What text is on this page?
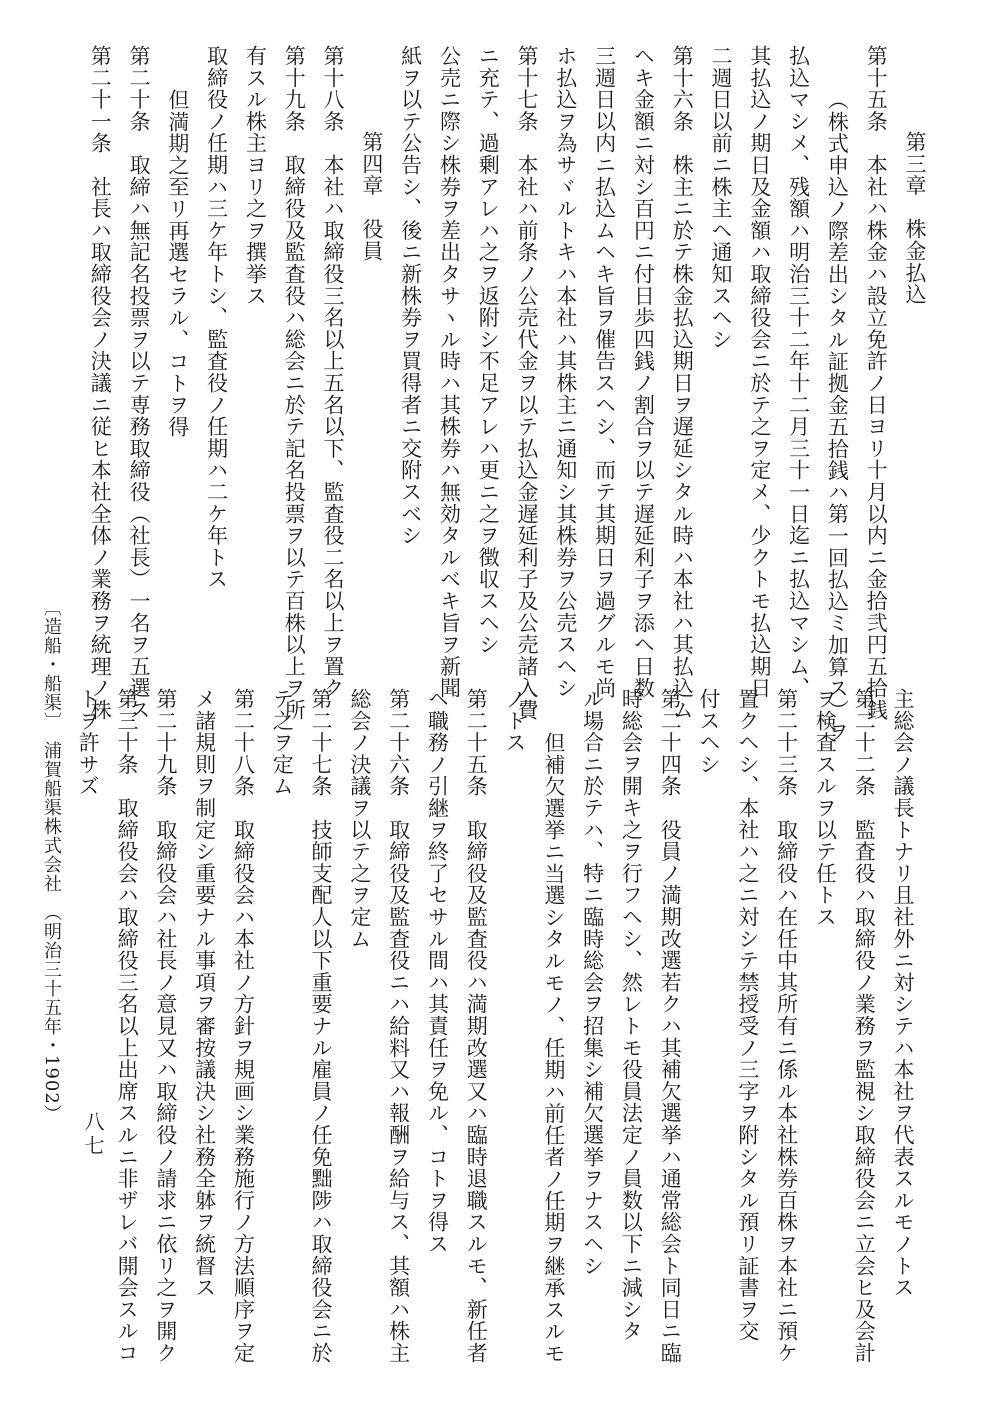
第三章　株金払込
第十五条　本社ハ株金ハ設立免許ノ日ヨリ十月以内ニ金拾弐円五拾銭
（株式申込ノ際差出シタル証拠金五拾銭ハ第一回払込ミ加算ス）ヲ
払込マシメ、残額ハ明治三十二年十二月三十一日迄ニ払込マシム、
其払込ノ期日及金額ハ取締役会ニ於テ之ヲ定メ、少クトモ払込期日
二週日以前ニ株主ヘ通知スヘシ
第十六条　株主ニ於テ株金払込期日ヲ遅延シタル時ハ本社ハ其払込ム
ヘキ金額ニ対シ百円ニ付日歩四銭ノ割合ヲ以テ遅延利子ヲ添ヘ日数
三週日以内ニ払込ムヘキ旨ヲ催告スヘシ、而テ其期日ヲ過グルモ尚
ホ払込ヲ為サヾルトキハ本社ハ其株主ニ通知シ其株券ヲ公売スヘシ
第十七条　本社ハ前条ノ公売代金ヲ以テ払込金遅延利子及公売諸入費
ニ充テ、過剰アレハ之ヲ返附シ不足アレハ更ニ之ヲ徴収スヘシ
公売ニ際シ株券ヲ差出タサヽル時ハ其株券ハ無効タルベキ旨ヲ新聞
紙ヲ以テ公告シ、後ニ新株券ヲ買得者ニ交附スベシ
第四章　役員
第十八条　本社ハ取締役三名以上五名以下、監査役二名以上ヲ置ク
第十九条　取締役及監査役ハ総会ニ於テ記名投票ヲ以テ百株以上ヲ所
有スル株主ヨリ之ヲ撰挙ス
取締役ノ任期ハ三ケ年トシ、監査役ノ任期ハ二ケ年トス
但満期之至リ再選セラル、コトヲ得
第二十条　取締ハ無記名投票ヲ以テ専務取締役（社長）一名ヲ五選ス
第二十一条　社長ハ取締役会ノ決議ニ従ヒ本社全体ノ業務ヲ統理ノ株
主総会ノ議長トナリ且社外ニ対シテハ本社ヲ代表スルモノトス
第二十二条　監査役ハ取締役ノ業務ヲ監視シ取締役会ニ立会ヒ及会計
ヲ検査スルヲ以テ任トス
第二十三条　取締役ハ在任中其所有ニ係ル本社株券百株ヲ本社ニ預ケ
置クヘシ、本社ハ之ニ対シテ禁授受ノ三字ヲ附シタル預リ証書ヲ交
付スヘシ
第二十四条　役員ノ満期改選若クハ其補欠選挙ハ通常総会ト同日ニ臨
時総会ヲ開キ之ヲ行フヘシ、然レトモ役員法定ノ員数以下ニ減シタ
ル場合ニ於テハ、特ニ臨時総会ヲ招集シ補欠選挙ヲナスヘシ
但補欠選挙ニ当選シタルモノ、任期ハ前任者ノ任期ヲ継承スルモ
ノトス
第二十五条　取締役及監査役ハ満期改選又ハ臨時退職スルモ、新任者
ヘ職務ノ引継ヲ終了セサル間ハ其責任ヲ免ル、コトヲ得ス
第二十六条　取締役及監査役ニハ給料又ハ報酬ヲ給与ス、其額ハ株主
総会ノ決議ヲ以テ之ヲ定ム
第二十七条　技師支配人以下重要ナル雇員ノ任免黜陟ハ取締役会ニ於
テ之ヲ定ム
第二十八条　取締役会ハ本社ノ方針ヲ規画シ業務施行ノ方法順序ヲ定
メ諸規則ヲ制定シ重要ナル事項ヲ審按議決シ社務全躰ヲ統督ス
第二十九条　取締役会ハ社長ノ意見又ハ取締役ノ請求ニ依リ之ヲ開ク
第三十条　取締役会ハ取締役三名以上出席スルニ非ザレバ開会スルコ
トヲ許サズ
〔造船・船渠〕　浦賀船渠株式会社　（明治三十五年・1902）
八七
